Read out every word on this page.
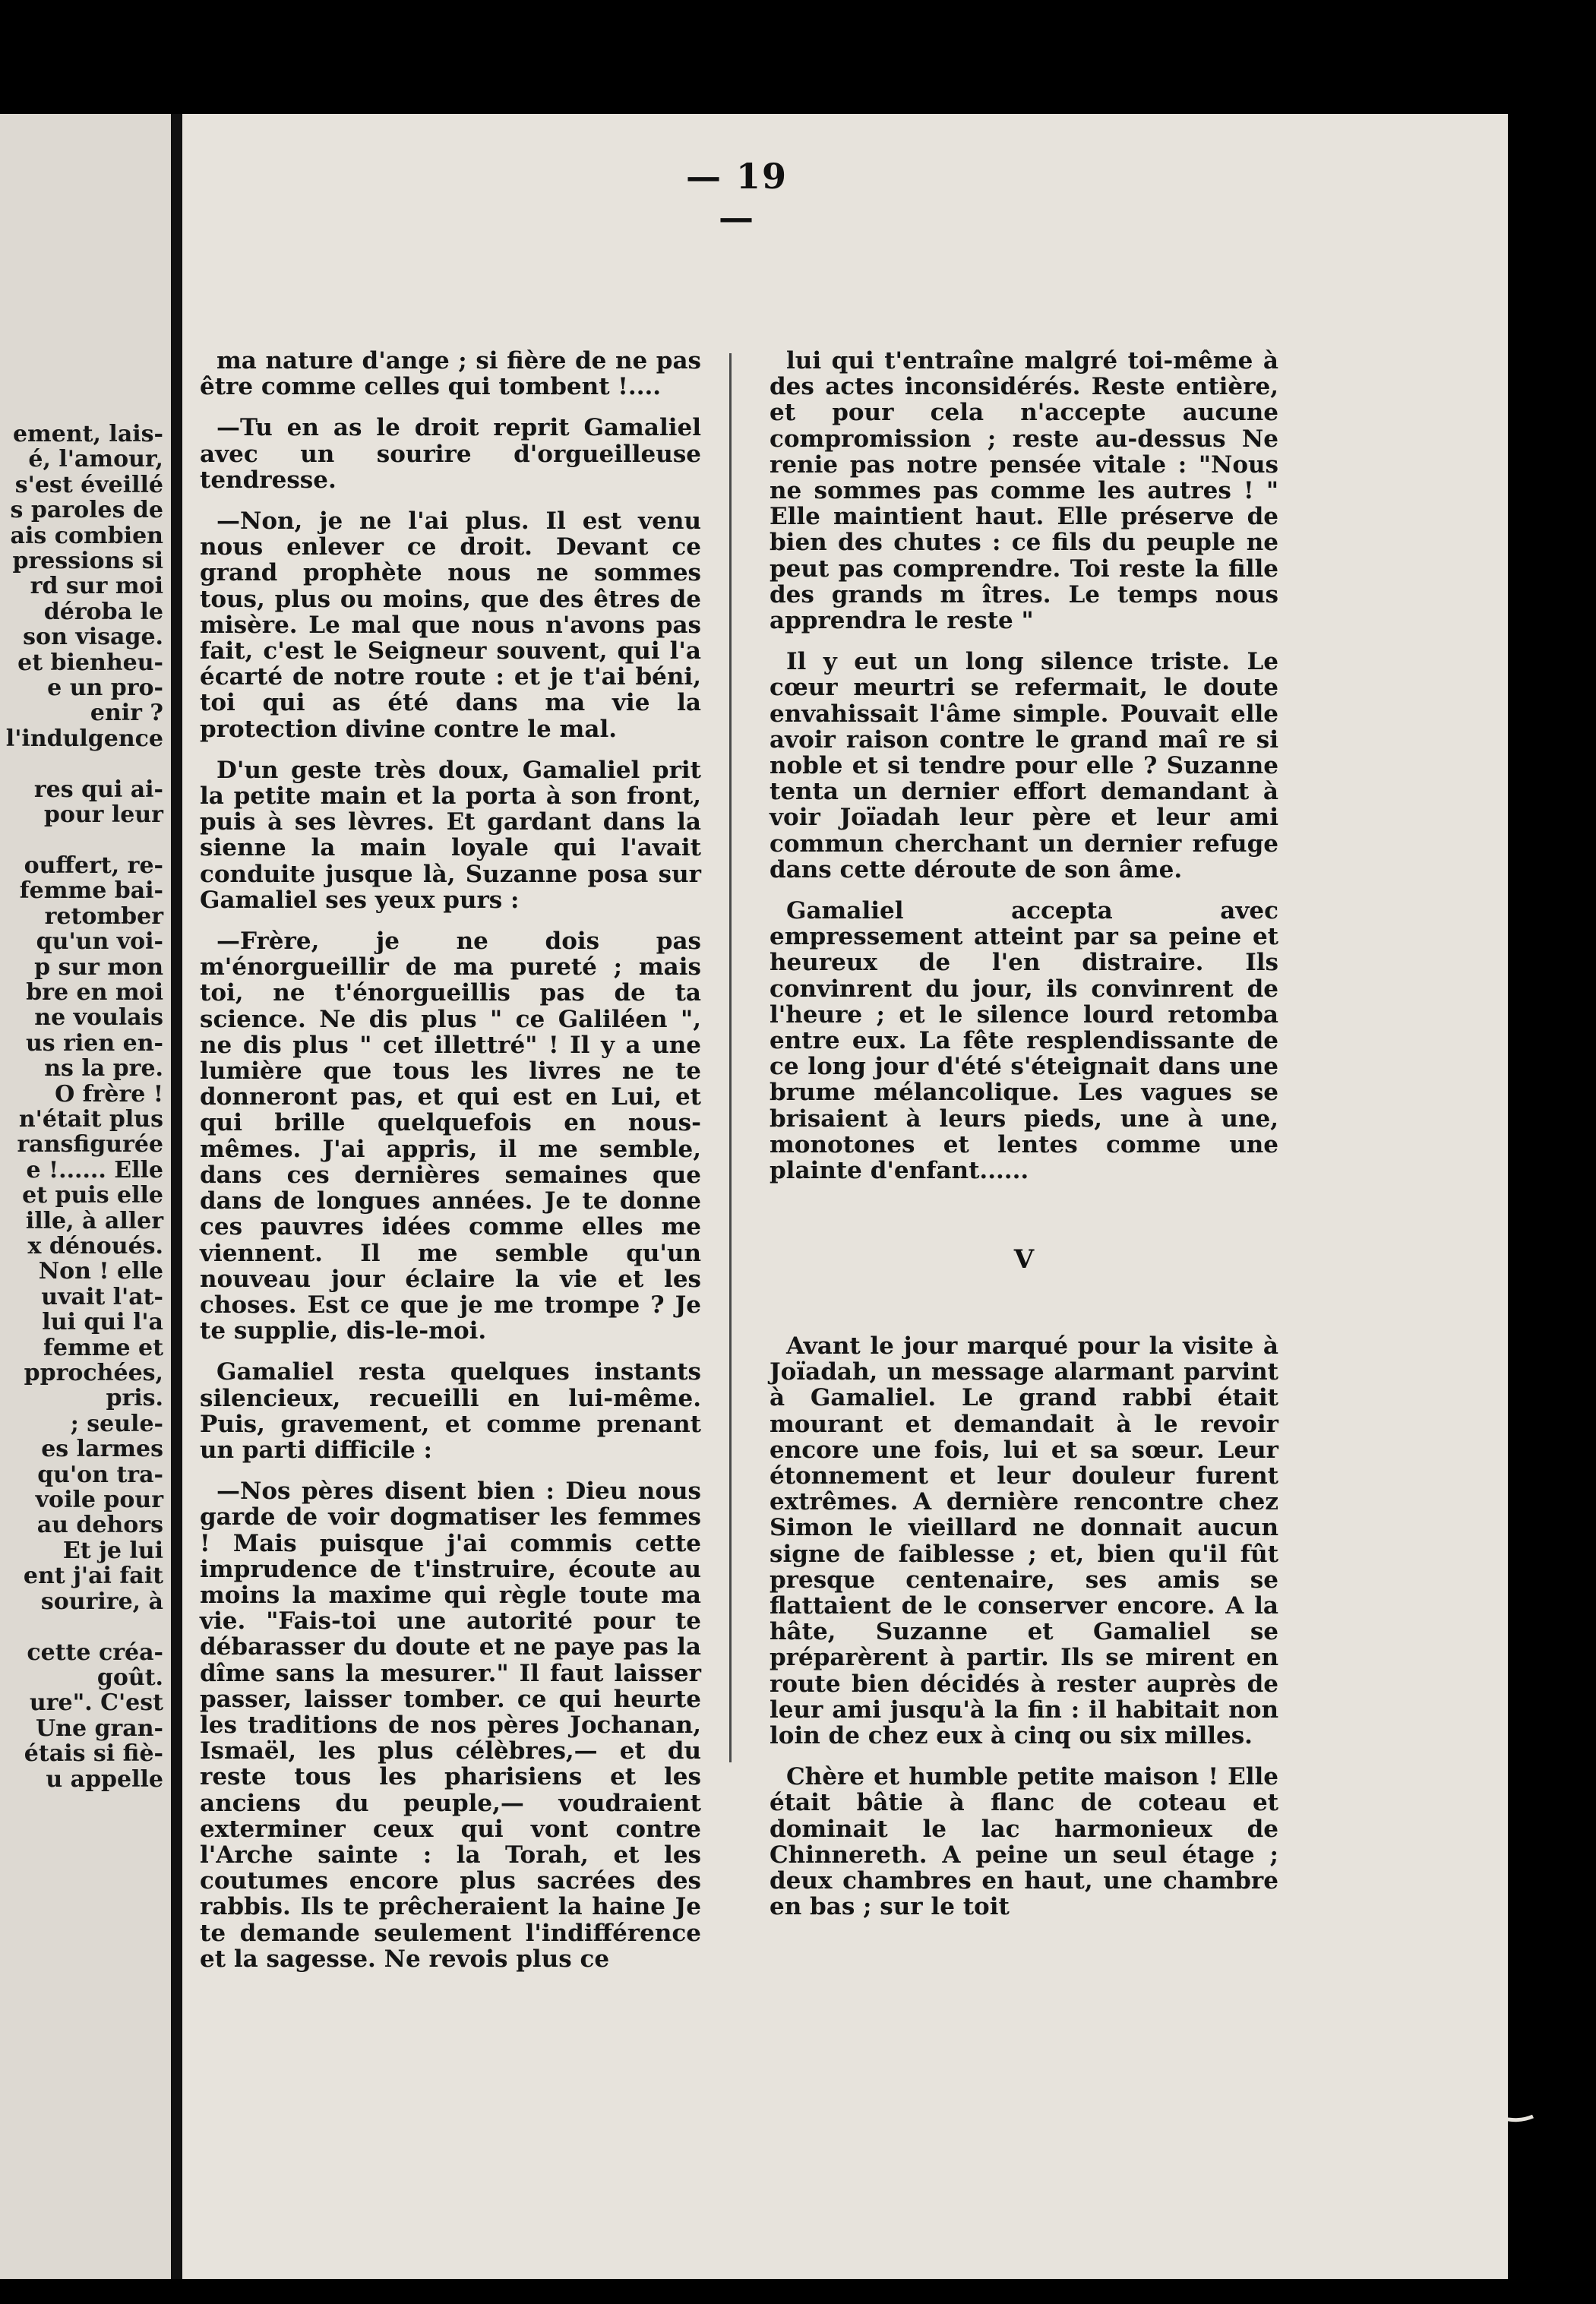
ement, lais-
é, l'amour,
s'est éveillé
s paroles de
ais combien
pressions si
rd sur moi
déroba le
son visage.
et bienheu-
e un pro-
enir ?
l'indulgence

res qui ai-
pour leur

ouffert, re-
femme bai-
retomber
qu'un voi-
p sur mon
bre en moi
ne voulais
us rien en-
ns la pre.
O frère !
n'était plus
ransfigurée
e !...... Elle
et puis elle
ille, à aller
x dénoués.
Non ! elle
uvait l'at-
lui qui l'a
femme et
pprochées,
pris.
; seule-
es larmes
qu'on tra-
voile pour
au dehors
Et je lui
ent j'ai fait
sourire, à

cette créa-
goût.
ure". C'est
Une gran-
étais si fiè-
u appelle
— 19 —

ma nature d'ange ; si fière de ne pas être comme celles qui tombent !....

—Tu en as le droit reprit Gamaliel avec un sourire d'orgueilleuse tendresse.

—Non, je ne l'ai plus. Il est venu nous enlever ce droit. Devant ce grand prophète nous ne sommes tous, plus ou moins, que des êtres de misère. Le mal que nous n'avons pas fait, c'est le Seigneur souvent, qui l'a écarté de notre route : et je t'ai béni, toi qui as été dans ma vie la protection divine contre le mal.

D'un geste très doux, Gamaliel prit la petite main et la porta à son front, puis à ses lèvres. Et gardant dans la sienne la main loyale qui l'avait conduite jusque là, Suzanne posa sur Gamaliel ses yeux purs :

—Frère, je ne dois pas m'énorgueillir de ma pureté ; mais toi, ne t'énorgueillis pas de ta science. Ne dis plus " ce Galiléen ", ne dis plus " cet illettré" ! Il y a une lumière que tous les livres ne te donneront pas, et qui est en Lui, et qui brille quelquefois en nous-mêmes. J'ai appris, il me semble, dans ces dernières semaines que dans de longues années. Je te donne ces pauvres idées comme elles me viennent. Il me semble qu'un nouveau jour éclaire la vie et les choses. Est ce que je me trompe ? Je te supplie, dis-le-moi.

Gamaliel resta quelques instants silencieux, recueilli en lui-même. Puis, gravement, et comme prenant un parti difficile :

—Nos pères disent bien : Dieu nous garde de voir dogmatiser les femmes ! Mais puisque j'ai commis cette imprudence de t'instruire, écoute au moins la maxime qui règle toute ma vie. "Fais-toi une autorité pour te débarasser du doute et ne paye pas la dîme sans la mesurer." Il faut laisser passer, laisser tomber. ce qui heurte les traditions de nos pères Jochanan, Ismaël, les plus célèbres,— et du reste tous les pharisiens et les anciens du peuple,— voudraient exterminer ceux qui vont contre l'Arche sainte : la Torah, et les coutumes encore plus sacrées des rabbis. Ils te prêcheraient la haine Je te demande seulement l'indifférence et la sagesse. Ne revois plus ce

lui qui t'entraîne malgré toi-même à des actes inconsidérés. Reste entière, et pour cela n'accepte aucune compromission ; reste au-dessus Ne renie pas notre pensée vitale : "Nous ne sommes pas comme les autres ! " Elle maintient haut. Elle préserve de bien des chutes : ce fils du peuple ne peut pas comprendre. Toi reste la fille des grands m îtres. Le temps nous apprendra le reste "

Il y eut un long silence triste. Le cœur meurtri se refermait, le doute envahissait l'âme simple. Pouvait elle avoir raison contre le grand maî re si noble et si tendre pour elle ? Suzanne tenta un dernier effort demandant à voir Joïadah leur père et leur ami commun cherchant un dernier refuge dans cette déroute de son âme.

Gamaliel accepta avec empressement atteint par sa peine et heureux de l'en distraire. Ils convinrent du jour, ils convinrent de l'heure ; et le silence lourd retomba entre eux. La fête resplendissante de ce long jour d'été s'éteignait dans une brume mélancolique. Les vagues se brisaient à leurs pieds, une à une, monotones et lentes comme une plainte d'enfant......

V

Avant le jour marqué pour la visite à Joïadah, un message alarmant parvint à Gamaliel. Le grand rabbi était mourant et demandait à le revoir encore une fois, lui et sa sœur. Leur étonnement et leur douleur furent extrêmes. A dernière rencontre chez Simon le vieillard ne donnait aucun signe de faiblesse ; et, bien qu'il fût presque centenaire, ses amis se flattaient de le conserver encore. A la hâte, Suzanne et Gamaliel se préparèrent à partir. Ils se mirent en route bien décidés à rester auprès de leur ami jusqu'à la fin : il habitait non loin de chez eux à cinq ou six milles.

Chère et humble petite maison ! Elle était bâtie à flanc de coteau et dominait le lac harmonieux de Chinnereth. A peine un seul étage ; deux chambres en haut, une chambre en bas ; sur le toit
